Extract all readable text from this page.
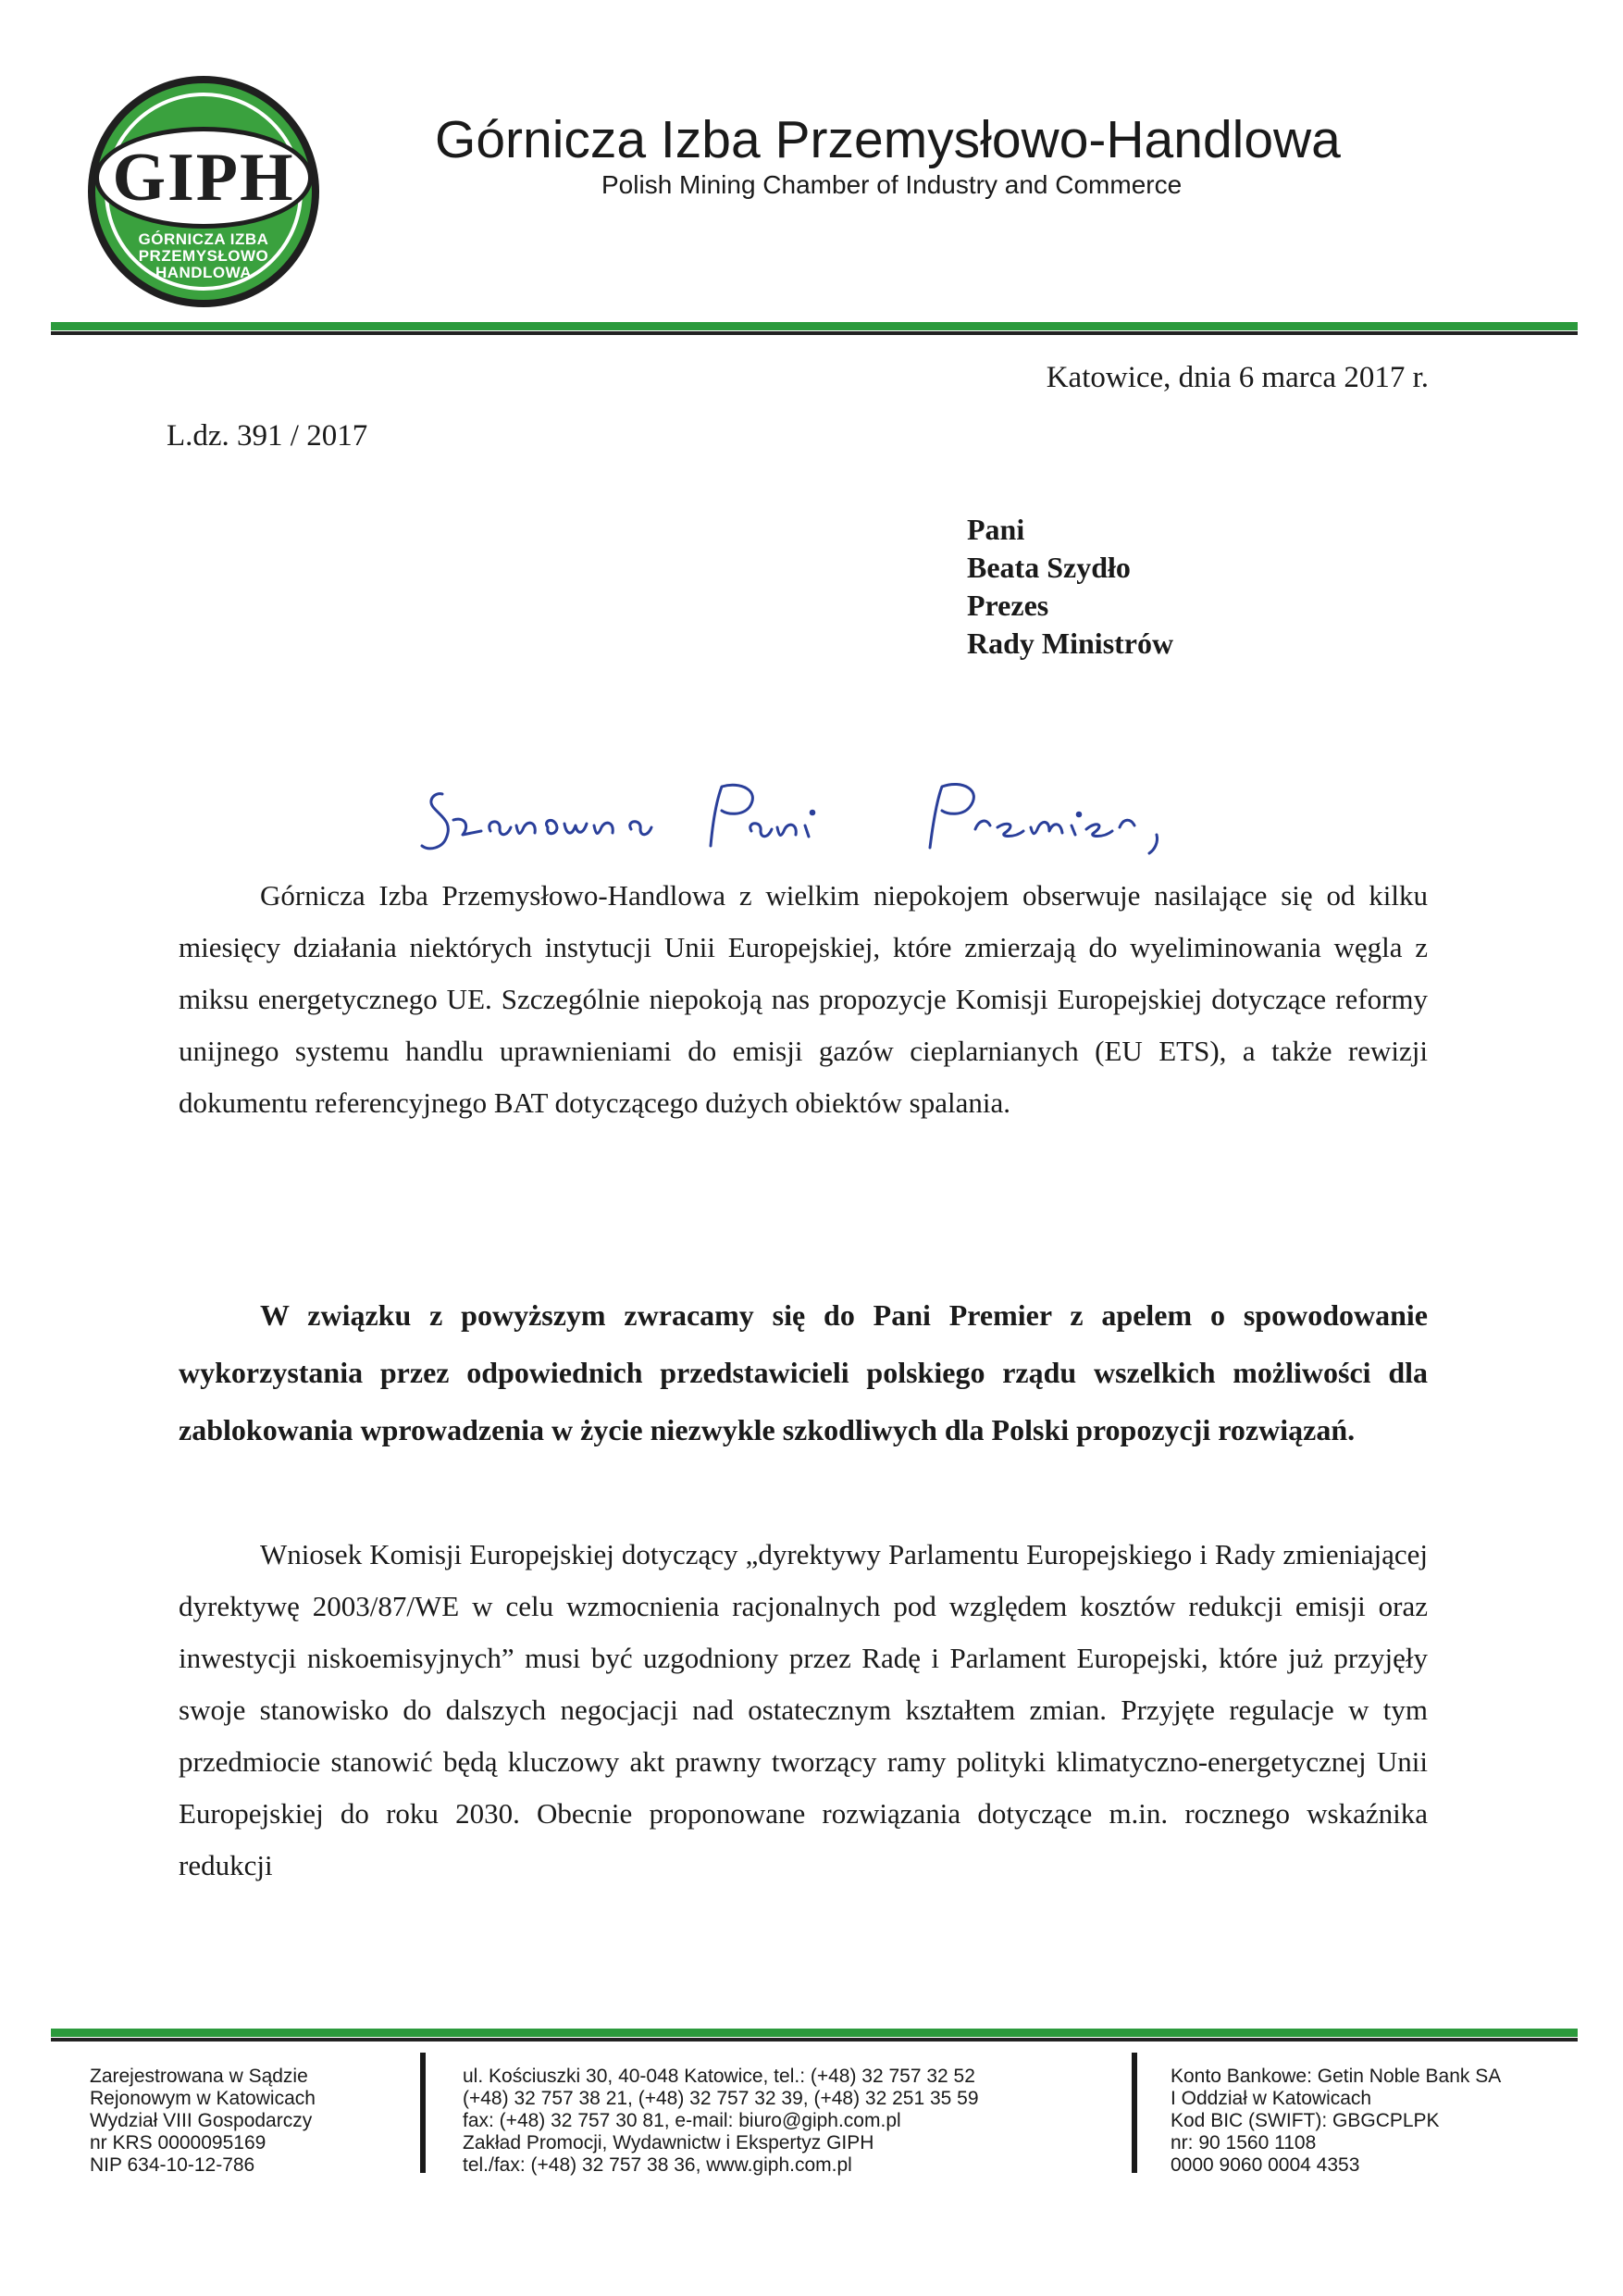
GIPH
GÓRNICZA IZBA
PRZEMYSŁOWO
HANDLOWA
Górnicza Izba Przemysłowo-Handlowa
Polish Mining Chamber of Industry and Commerce
Katowice, dnia 6 marca 2017 r.
L.dz. 391 / 2017
Pani
Beata Szydło
Prezes
Rady Ministrów
Górnicza Izba Przemysłowo-Handlowa z wielkim niepokojem obserwuje nasilające się od kilku miesięcy działania niektórych instytucji Unii Europejskiej, które zmierzają do wyeliminowania węgla z miksu energetycznego UE. Szczególnie niepokoją nas propozycje Komisji Europejskiej dotyczące reformy unijnego systemu handlu uprawnieniami do emisji gazów cieplarnianych (EU ETS), a także rewizji dokumentu referencyjnego BAT dotyczącego dużych obiektów spalania.
W związku z powyższym zwracamy się do Pani Premier z apelem o spowodowanie wykorzystania przez odpowiednich przedstawicieli polskiego rządu wszelkich możliwości dla zablokowania wprowadzenia w życie niezwykle szkodliwych dla Polski propozycji rozwiązań.
Wniosek Komisji Europejskiej dotyczący „dyrektywy Parlamentu Europejskiego i Rady zmieniającej dyrektywę 2003/87/WE w celu wzmocnienia racjonalnych pod względem kosztów redukcji emisji oraz inwestycji niskoemisyjnych” musi być uzgodniony przez Radę i Parlament Europejski, które już przyjęły swoje stanowisko do dalszych negocjacji nad ostatecznym kształtem zmian. Przyjęte regulacje w tym przedmiocie stanowić będą kluczowy akt prawny tworzący ramy polityki klimatyczno-energetycznej Unii Europejskiej do roku 2030. Obecnie proponowane rozwiązania dotyczące m.in. rocznego wskaźnika redukcji
Zarejestrowana w Sądzie
Rejonowym w Katowicach
Wydział VIII Gospodarczy
nr KRS 0000095169
NIP 634-10-12-786
ul. Kościuszki 30, 40-048 Katowice, tel.: (+48) 32 757 32 52
(+48) 32 757 38 21, (+48) 32 757 32 39, (+48) 32 251 35 59
fax: (+48) 32 757 30 81, e-mail: biuro@giph.com.pl
Zakład Promocji, Wydawnictw i Ekspertyz GIPH
tel./fax: (+48) 32 757 38 36, www.giph.com.pl
Konto Bankowe: Getin Noble Bank SA
I Oddział w Katowicach
Kod BIC (SWIFT): GBGCPLPK
nr: 90 1560 1108
0000 9060 0004 4353
